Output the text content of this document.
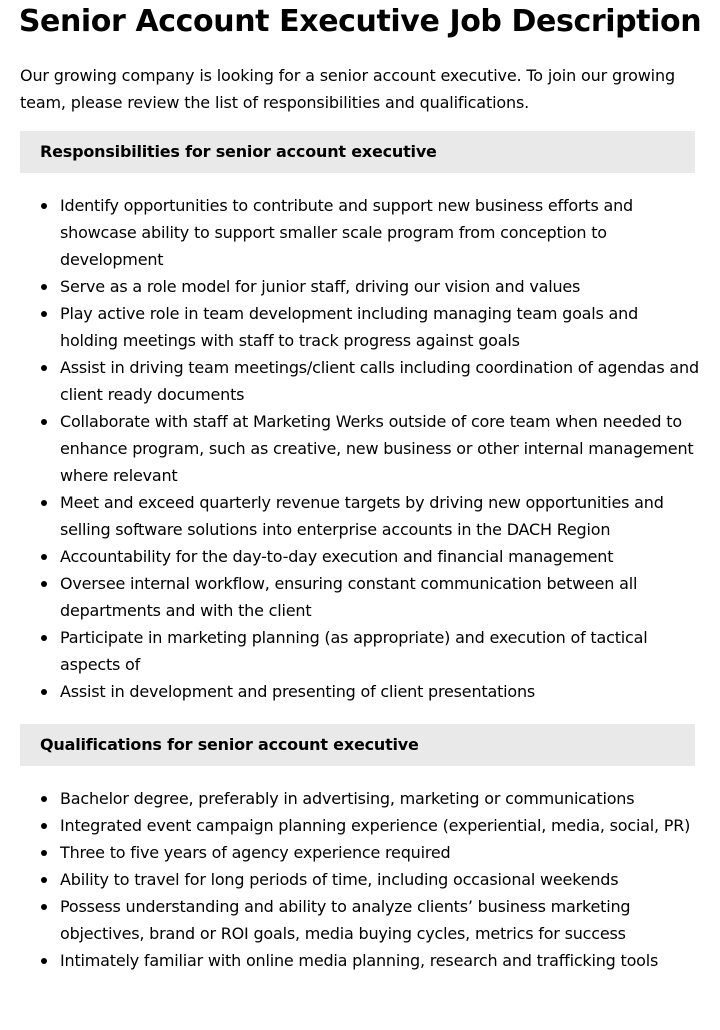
Senior Account Executive Job Description

Our growing company is looking for a senior account executive. To join our growing team, please review the list of responsibilities and qualifications.

Responsibilities for senior account executive
Identify opportunities to contribute and support new business efforts and showcase ability to support smaller scale program from conception to development
Serve as a role model for junior staff, driving our vision and values
Play active role in team development including managing team goals and holding meetings with staff to track progress against goals
Assist in driving team meetings/client calls including coordination of agendas and client ready documents
Collaborate with staff at Marketing Werks outside of core team when needed to enhance program, such as creative, new business or other internal management where relevant
Meet and exceed quarterly revenue targets by driving new opportunities and selling software solutions into enterprise accounts in the DACH Region
Accountability for the day-to-day execution and financial management
Oversee internal workflow, ensuring constant communication between all departments and with the client
Participate in marketing planning (as appropriate) and execution of tactical aspects of
Assist in development and presenting of client presentations
Qualifications for senior account executive
Bachelor degree, preferably in advertising, marketing or communications
Integrated event campaign planning experience (experiential, media, social, PR)
Three to five years of agency experience required
Ability to travel for long periods of time, including occasional weekends
Possess understanding and ability to analyze clients’ business marketing objectives, brand or ROI goals, media buying cycles, metrics for success
Intimately familiar with online media planning, research and trafficking tools
